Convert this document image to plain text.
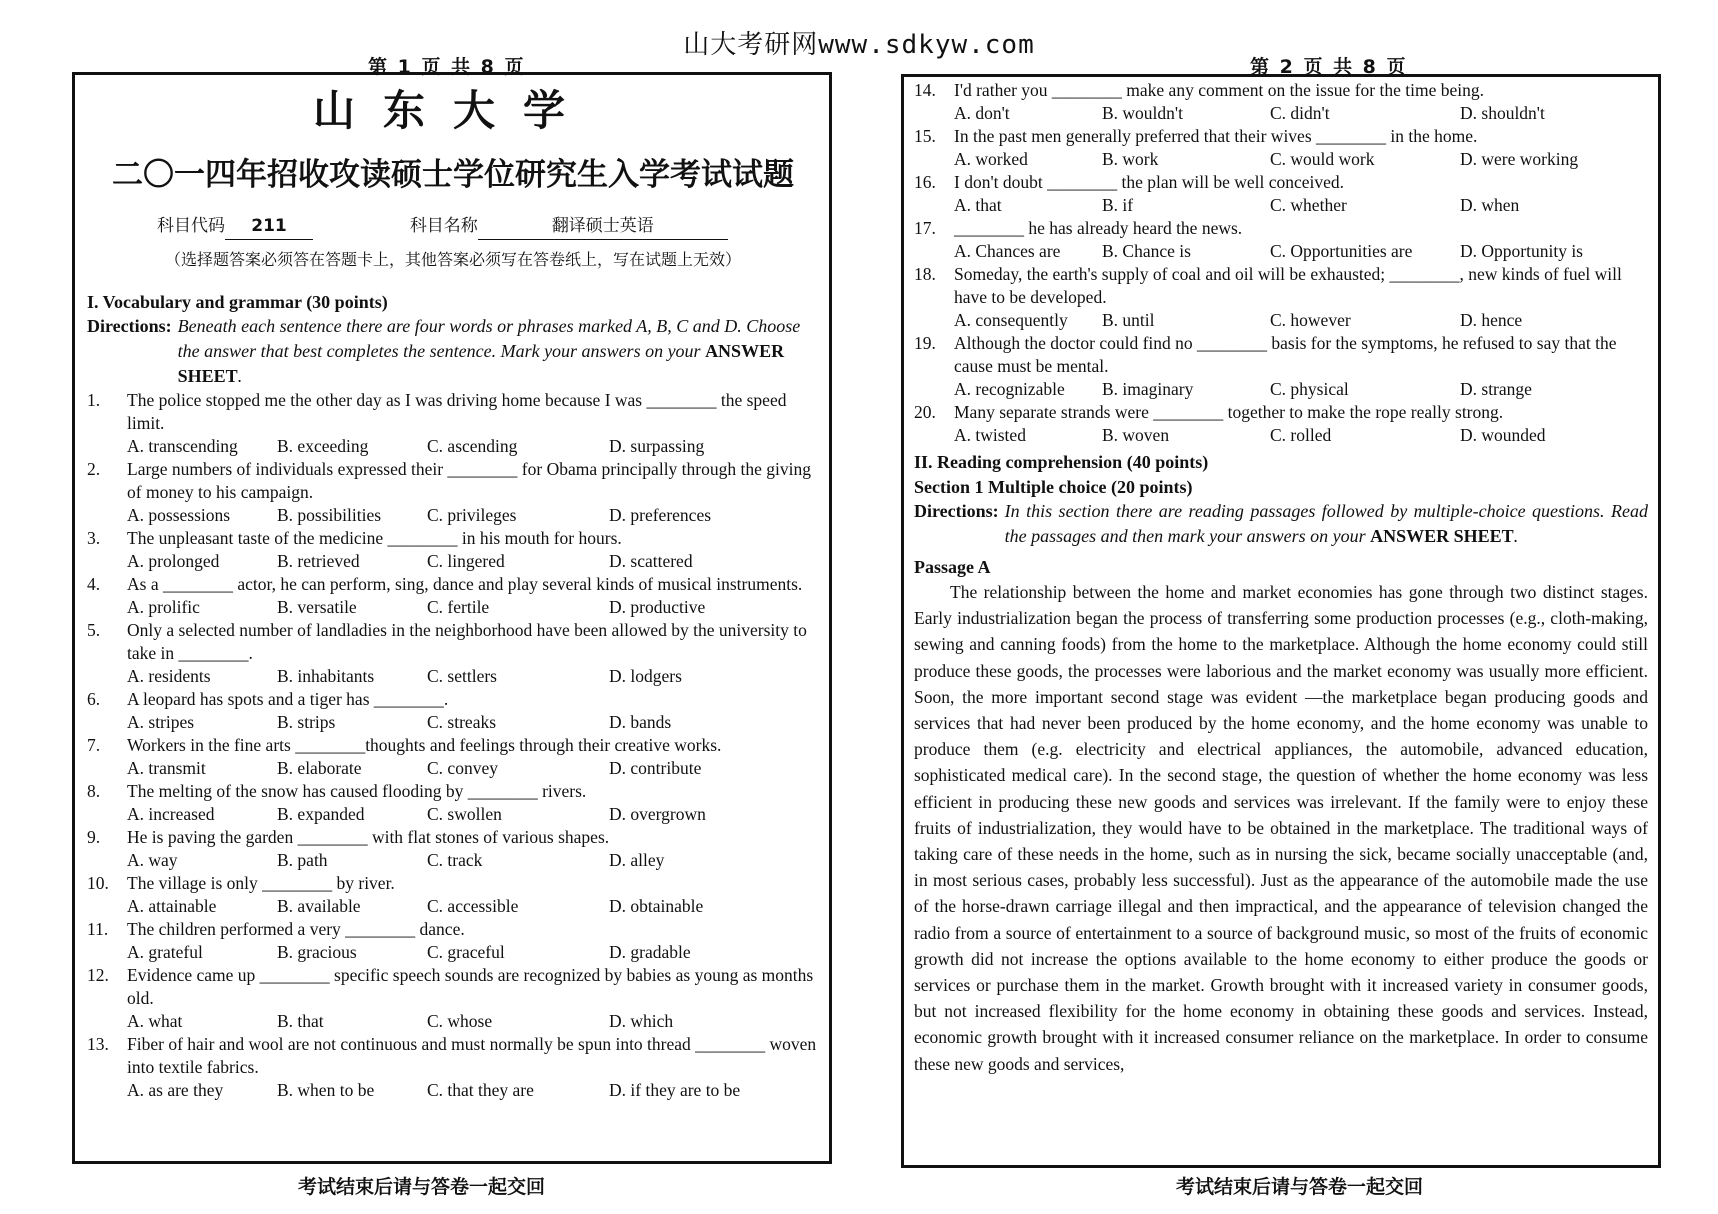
山大考研网www.sdkyw.com
第 1 页 共 8 页
山东大学
二〇一四年招收攻读硕士学位研究生入学考试试题
科目代码 211	科目名称	翻译硕士英语
（选择题答案必须答在答题卡上，其他答案必须写在答卷纸上，写在试题上无效）
I. Vocabulary and grammar (30 points)
Directions: Beneath each sentence there are four words or phrases marked A, B, C and D. Choose the answer that best completes the sentence. Mark your answers on your ANSWER SHEET.
1.	The police stopped me the other day as I was driving home because I was ________ the speed limit.
A. transcending	B. exceeding	C. ascending	D. surpassing
2.	Large numbers of individuals expressed their ________ for Obama principally through the giving of money to his campaign.
A. possessions	B. possibilities	C. privileges	D. preferences
3.	The unpleasant taste of the medicine ________ in his mouth for hours.
A. prolonged	B. retrieved	C. lingered	D. scattered
4.	As a ________ actor, he can perform, sing, dance and play several kinds of musical instruments.
A. prolific	B. versatile	C. fertile	D. productive
5.	Only a selected number of landladies in the neighborhood have been allowed by the university to take in ________.
A. residents	B. inhabitants	C. settlers	D. lodgers
6.	A leopard has spots and a tiger has ________.
A. stripes	B. strips	C. streaks	D. bands
7.	Workers in the fine arts ________thoughts and feelings through their creative works.
A. transmit	B. elaborate	C. convey	D. contribute
8.	The melting of the snow has caused flooding by ________ rivers.
A. increased	B. expanded	C. swollen	D. overgrown
9.	He is paving the garden ________ with flat stones of various shapes.
A. way	B. path	C. track	D. alley
10.	The village is only ________ by river.
A. attainable	B. available	C. accessible	D. obtainable
11.	The children performed a very ________ dance.
A. grateful	B. gracious	C. graceful	D. gradable
12.	Evidence came up ________ specific speech sounds are recognized by babies as young as months old.
A. what	B. that	C. whose	D. which
13.	Fiber of hair and wool are not continuous and must normally be spun into thread ________ woven into textile fabrics.
A. as are they	B. when to be	C. that they are	D. if they are to be
考试结束后请与答卷一起交回
第 2 页 共 8 页
14.	I'd rather you ________ make any comment on the issue for the time being.
A. don't	B. wouldn't	C. didn't	D. shouldn't
15.	In the past men generally preferred that their wives ________ in the home.
A. worked	B. work	C. would work	D. were working
16.	I don't doubt ________ the plan will be well conceived.
A. that	B. if	C. whether	D. when
17.	________ he has already heard the news.
A. Chances are	B. Chance is	C. Opportunities are	D. Opportunity is
18.	Someday, the earth's supply of coal and oil will be exhausted; ________, new kinds of fuel will have to be developed.
A. consequently	B. until	C. however	D. hence
19.	Although the doctor could find no ________ basis for the symptoms, he refused to say that the cause must be mental.
A. recognizable	B. imaginary	C. physical	D. strange
20.	Many separate strands were ________ together to make the rope really strong.
A. twisted	B. woven	C. rolled	D. wounded
II. Reading comprehension (40 points)
Section 1 Multiple choice (20 points)
Directions: In this section there are reading passages followed by multiple-choice questions. Read the passages and then mark your answers on your ANSWER SHEET.
Passage A
The relationship between the home and market economies has gone through two distinct stages. Early industrialization began the process of transferring some production processes (e.g., cloth-making, sewing and canning foods) from the home to the marketplace. Although the home economy could still produce these goods, the processes were laborious and the market economy was usually more efficient. Soon, the more important second stage was evident —the marketplace began producing goods and services that had never been produced by the home economy, and the home economy was unable to produce them (e.g. electricity and electrical appliances, the automobile, advanced education, sophisticated medical care). In the second stage, the question of whether the home economy was less efficient in producing these new goods and services was irrelevant. If the family were to enjoy these fruits of industrialization, they would have to be obtained in the marketplace. The traditional ways of taking care of these needs in the home, such as in nursing the sick, became socially unacceptable (and, in most serious cases, probably less successful). Just as the appearance of the automobile made the use of the horse-drawn carriage illegal and then impractical, and the appearance of television changed the radio from a source of entertainment to a source of background music, so most of the fruits of economic growth did not increase the options available to the home economy to either produce the goods or services or purchase them in the market. Growth brought with it increased variety in consumer goods, but not increased flexibility for the home economy in obtaining these goods and services. Instead, economic growth brought with it increased consumer reliance on the marketplace. In order to consume these new goods and services,
考试结束后请与答卷一起交回
